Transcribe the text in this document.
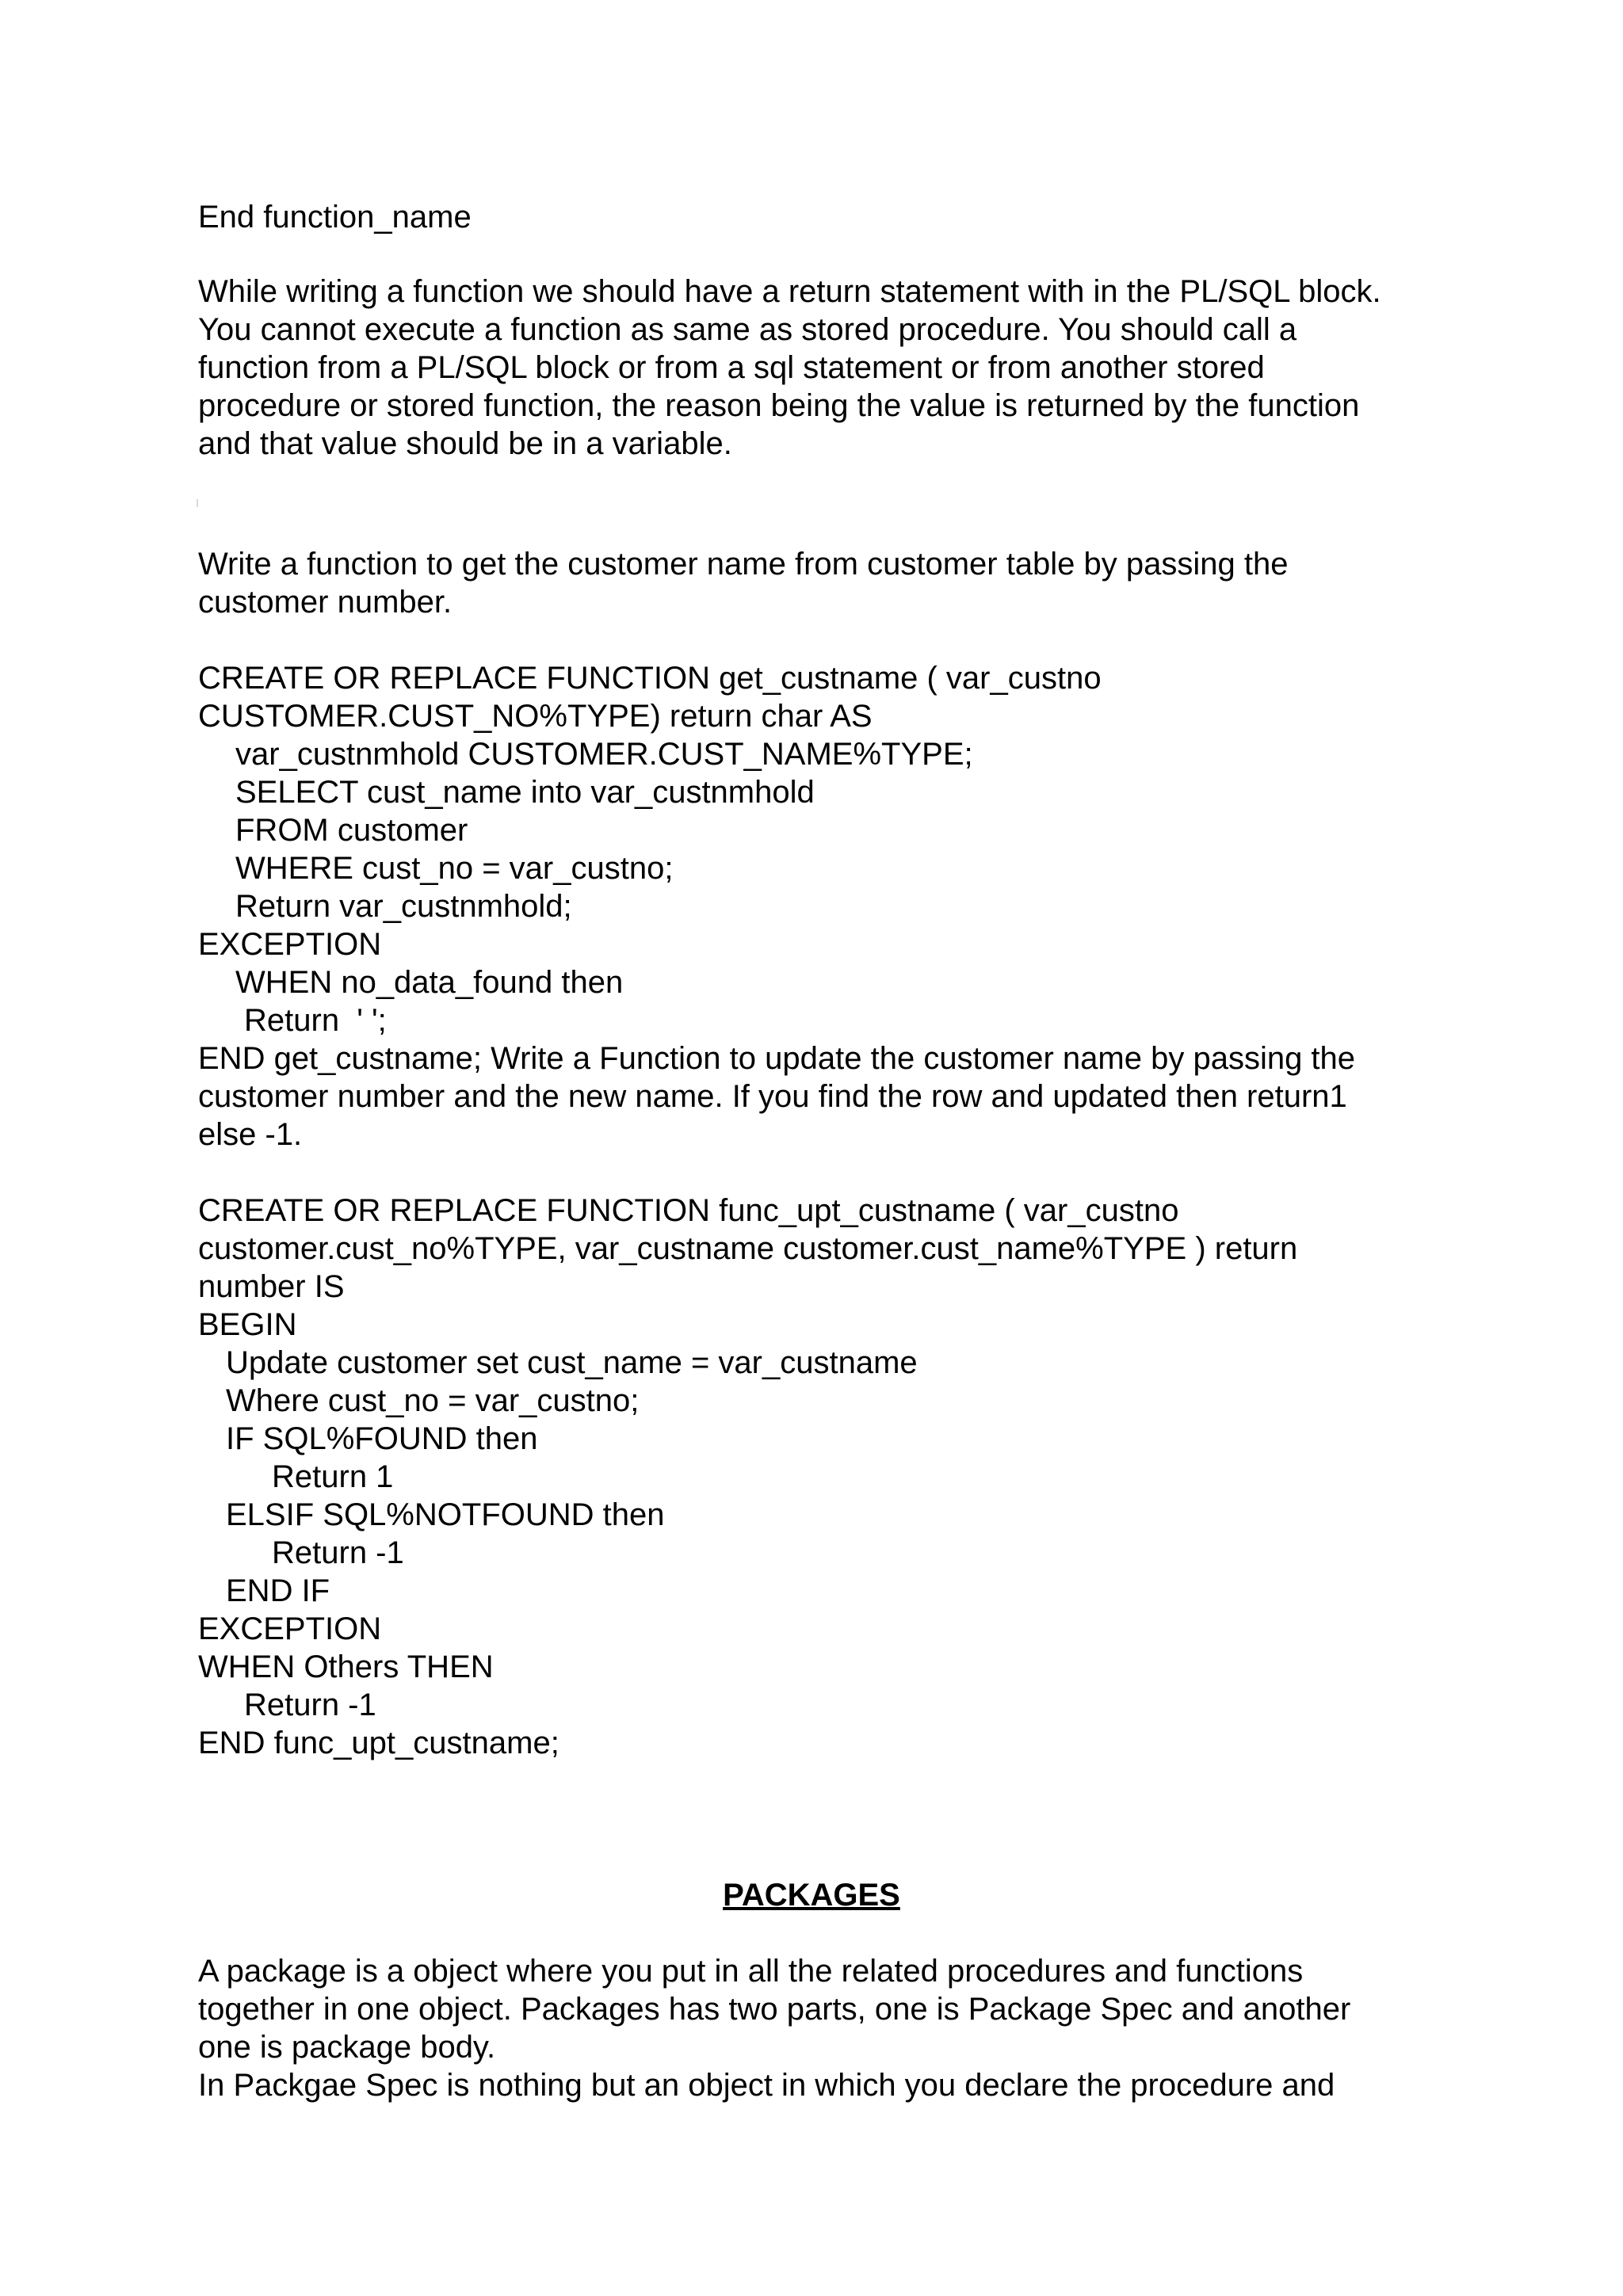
End function_name
While writing a function we should have a return statement with in the PL/SQL block.
You cannot execute a function as same as stored procedure. You should call a
function from a PL/SQL block or from a sql statement or from another stored
procedure or stored function, the reason being the value is returned by the function
and that value should be in a variable.
Write a function to get the customer name from customer table by passing the
customer number.
CREATE OR REPLACE FUNCTION get_custname ( var_custno
CUSTOMER.CUST_NO%TYPE) return char AS
var_custnmhold CUSTOMER.CUST_NAME%TYPE;
SELECT cust_name into var_custnmhold
FROM customer
WHERE cust_no = var_custno;
Return var_custnmhold;
EXCEPTION
WHEN no_data_found then
Return  ' ';
END get_custname; Write a Function to update the customer name by passing the
customer number and the new name. If you find the row and updated then return1
else -1.
CREATE OR REPLACE FUNCTION func_upt_custname ( var_custno
customer.cust_no%TYPE, var_custname customer.cust_name%TYPE ) return
number IS
BEGIN
Update customer set cust_name = var_custname
Where cust_no = var_custno;
IF SQL%FOUND then
Return 1
ELSIF SQL%NOTFOUND then
Return -1
END IF
EXCEPTION
WHEN Others THEN
Return -1
END func_upt_custname;
PACKAGES
A package is a object where you put in all the related procedures and functions
together in one object. Packages has two parts, one is Package Spec and another
one is package body.
In Packgae Spec is nothing but an object in which you declare the procedure and
